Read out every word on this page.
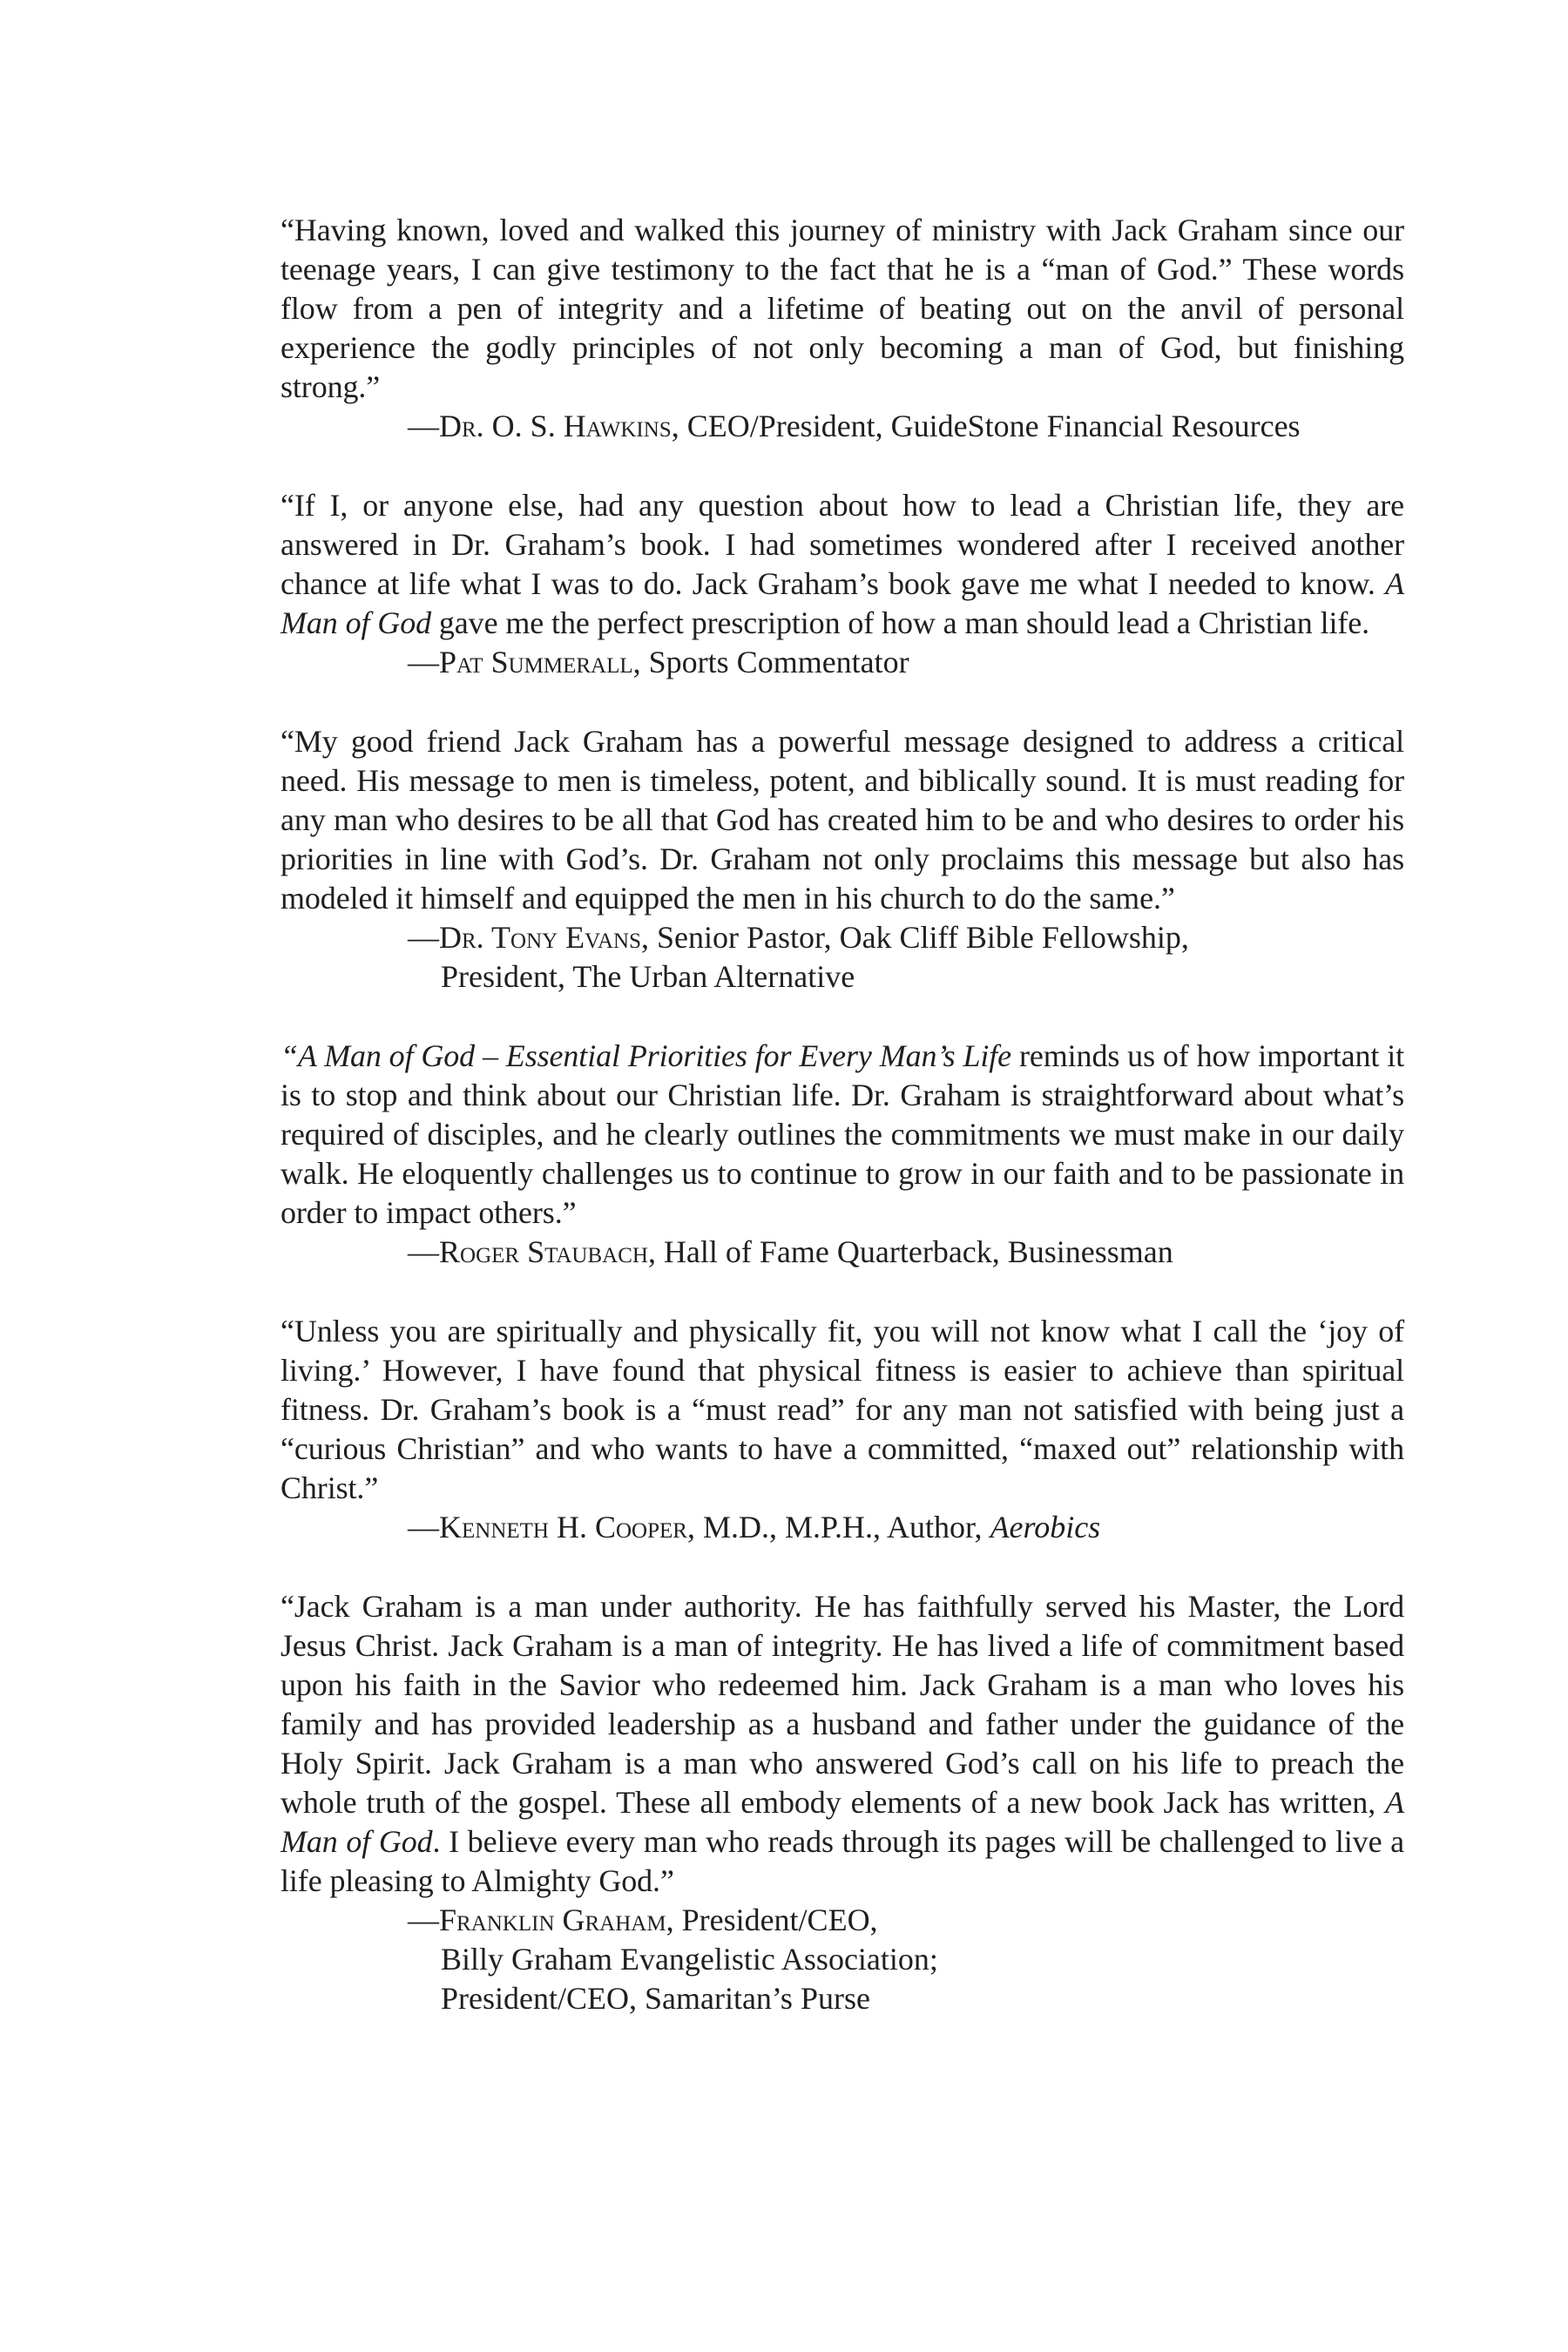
“Having known, loved and walked this journey of ministry with Jack Graham since our teenage years, I can give testimony to the fact that he is a “man of God.” These words flow from a pen of integrity and a lifetime of beating out on the anvil of personal experience the godly principles of not only becoming a man of God, but finishing strong.”

—Dr. O. S. Hawkins, CEO/President, GuideStone Financial Resources

“If I, or anyone else, had any question about how to lead a Christian life, they are answered in Dr. Graham’s book. I had sometimes wondered after I received another chance at life what I was to do. Jack Graham’s book gave me what I needed to know. A Man of God gave me the perfect prescription of how a man should lead a Christian life.

—Pat Summerall, Sports Commentator

“My good friend Jack Graham has a powerful message designed to address a critical need. His message to men is timeless, potent, and biblically sound. It is must reading for any man who desires to be all that God has created him to be and who desires to order his priorities in line with God’s. Dr. Graham not only proclaims this message but also has modeled it himself and equipped the men in his church to do the same.”

—Dr. Tony Evans, Senior Pastor, Oak Cliff Bible Fellowship,
President, The Urban Alternative

“A Man of God – Essential Priorities for Every Man’s Life reminds us of how important it is to stop and think about our Christian life. Dr. Graham is straightforward about what’s required of disciples, and he clearly outlines the commitments we must make in our daily walk. He eloquently challenges us to continue to grow in our faith and to be passionate in order to impact others.”

—Roger Staubach, Hall of Fame Quarterback, Businessman

“Unless you are spiritually and physically fit, you will not know what I call the ‘joy of living.’ However, I have found that physical fitness is easier to achieve than spiritual fitness. Dr. Graham’s book is a “must read” for any man not satisfied with being just a “curious Christian” and who wants to have a committed, “maxed out” relationship with Christ.”

—Kenneth H. Cooper, M.D., M.P.H., Author, Aerobics

“Jack Graham is a man under authority. He has faithfully served his Master, the Lord Jesus Christ. Jack Graham is a man of integrity. He has lived a life of commitment based upon his faith in the Savior who redeemed him. Jack Graham is a man who loves his family and has provided leadership as a husband and father under the guidance of the Holy Spirit. Jack Graham is a man who answered God’s call on his life to preach the whole truth of the gospel. These all embody elements of a new book Jack has written, A Man of God. I believe every man who reads through its pages will be challenged to live a life pleasing to Almighty God.”

—Franklin Graham, President/CEO,
Billy Graham Evangelistic Association;
President/CEO, Samaritan’s Purse
